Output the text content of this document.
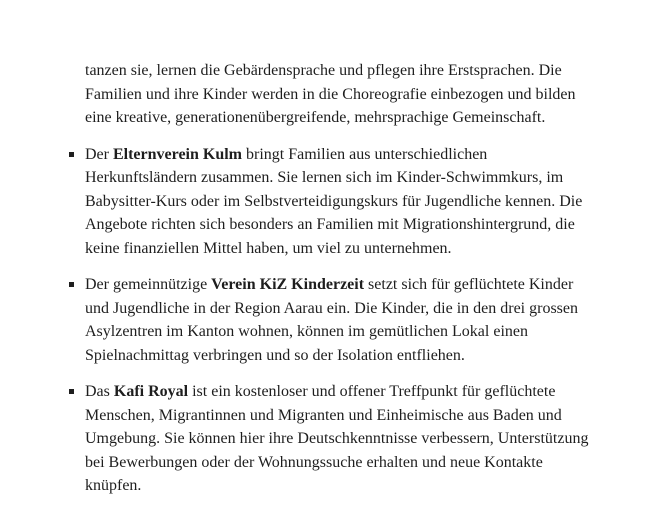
tanzen sie, lernen die Gebärdensprache und pflegen ihre Erstsprachen. Die Familien und ihre Kinder werden in die Choreografie einbezogen und bilden eine kreative, generationenübergreifende, mehrsprachige Gemeinschaft.

Der Elternverein Kulm bringt Familien aus unterschiedlichen Herkunftsländern zusammen. Sie lernen sich im Kinder-Schwimmkurs, im Babysitter-Kurs oder im Selbstverteidigungskurs für Jugendliche kennen. Die Angebote richten sich besonders an Familien mit Migrationshintergrund, die keine finanziellen Mittel haben, um viel zu unternehmen.
Der gemeinnützige Verein KiZ Kinderzeit setzt sich für geflüchtete Kinder und Jugendliche in der Region Aarau ein. Die Kinder, die in den drei grossen Asylzentren im Kanton wohnen, können im gemütlichen Lokal einen Spielnachmittag verbringen und so der Isolation entfliehen.
Das Kafi Royal ist ein kostenloser und offener Treffpunkt für geflüchtete Menschen, Migrantinnen und Migranten und Einheimische aus Baden und Umgebung. Sie können hier ihre Deutschkenntnisse verbessern, Unterstützung bei Bewerbungen oder der Wohnungssuche erhalten und neue Kontakte knüpfen.
